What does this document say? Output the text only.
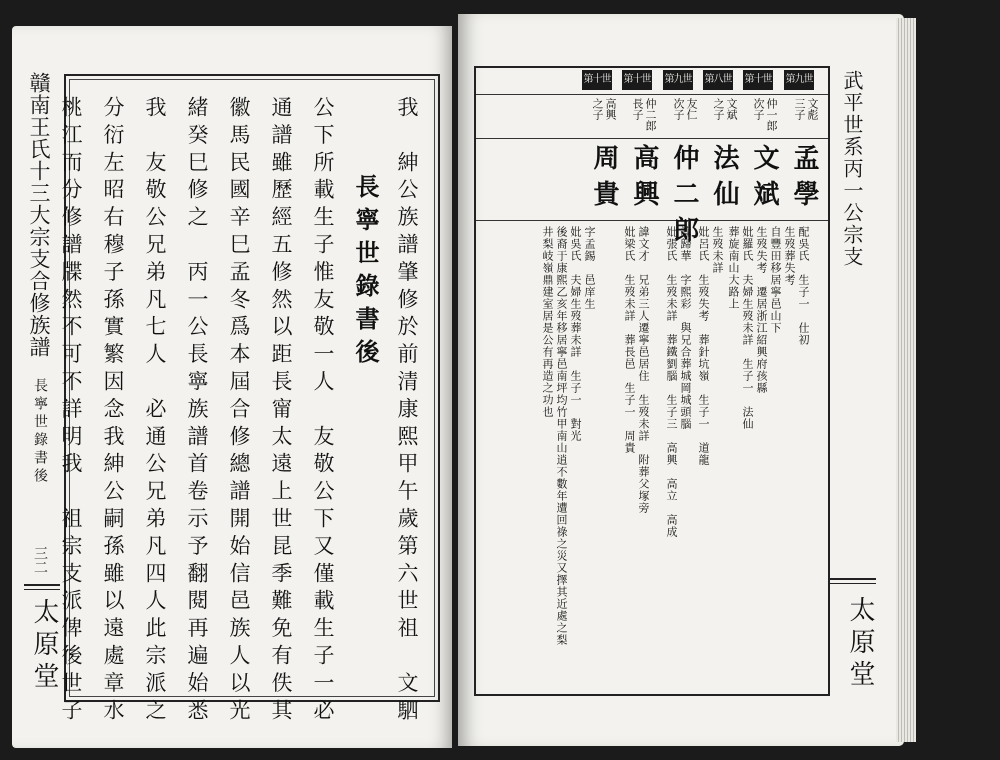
贛南王氏十三大宗支合修族譜
長寧世錄書後
三二
太原堂	我　紳公族譜肇修於前清康熙甲午歲第六世祖　文駟
長寧世錄書後
公下所載生子惟友敬一人　友敬公下又僅載生子一必
通譜雖歷經五修然以距長甯太遠上世昆季難免有佚其
徽馬民國辛巳孟冬爲本屆合修總譜開始信邑族人以光
緒癸巳修之　丙一公長寧族譜首卷示予翻閱再遍始悉
我　友敬公兄弟凡七人　必通公兄弟凡四人此宗派之
分衍左昭右穆子孫實繁因念我紳公嗣孫雖以遠處章水
桃江而分修譜牒然不可不詳明我　祖宗支派俾後世子	武平世系丙一公宗支
太原堂
第九世
文彪
三子
孟學
配吳氏　生子一　仕初
生歿葬失考
第十世
仲一郎
次子
文斌
自豐田移居寧邑山下
生歿失考　遷居浙江紹興府孩縣
妣羅氏　夫婦生歿未詳　生子一　法仙
葬旋南山大路上
第八世
文斌
之子
法仙
生歿未詳
妣呂氏　生歿失考　葬針坑嶺　生子一　道龍
第九世
友仁
次子
仲二郎
諱歸華　字熙彩　與兄合葬城岡城頭腦
妣張氏　生歿未詳　葬鐵劉腦　生子三　高興　高立　高成
第十世
仲二郎
長子
高興
諱文才　兄弟三人遷寧邑居住　生歿未詳　附葬父塚旁
妣梁氏　生歿未詳　葬長邑　生子一　周貴
第十世
高興
之子
周貴
字孟錫　邑庠生
妣吳氏　夫婦生歿葬未詳　生子一　對光
後裔于康熙乙亥年移居寧邑南坪均竹甲南山逍不數年遭回祿之災又擇其近處之梨
井梨岐嶺鼎建室居是公有再造之功也
